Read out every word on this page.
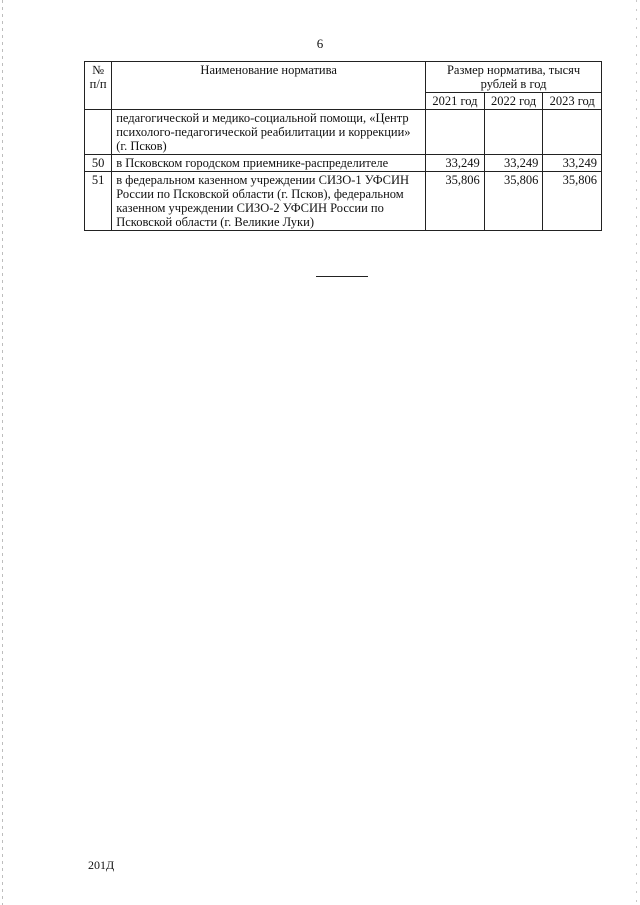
6
№ п/п	Наименование норматива	Размер норматива, тысяч рублей в год		
		2021 год	2022 год	2023 год
	педагогической и медико-социальной помощи, «Центр психолого-педагогической реабилитации и коррекции» (г. Псков)			
50	в Псковском городском приемнике-распределителе	33,249	33,249	33,249
51	в федеральном казенном учреждении СИЗО-1 УФСИН России по Псковской области (г. Псков), федеральном казенном учреждении СИЗО-2 УФСИН России по Псковской области (г. Великие Луки)	35,806	35,806	35,806
201Д
